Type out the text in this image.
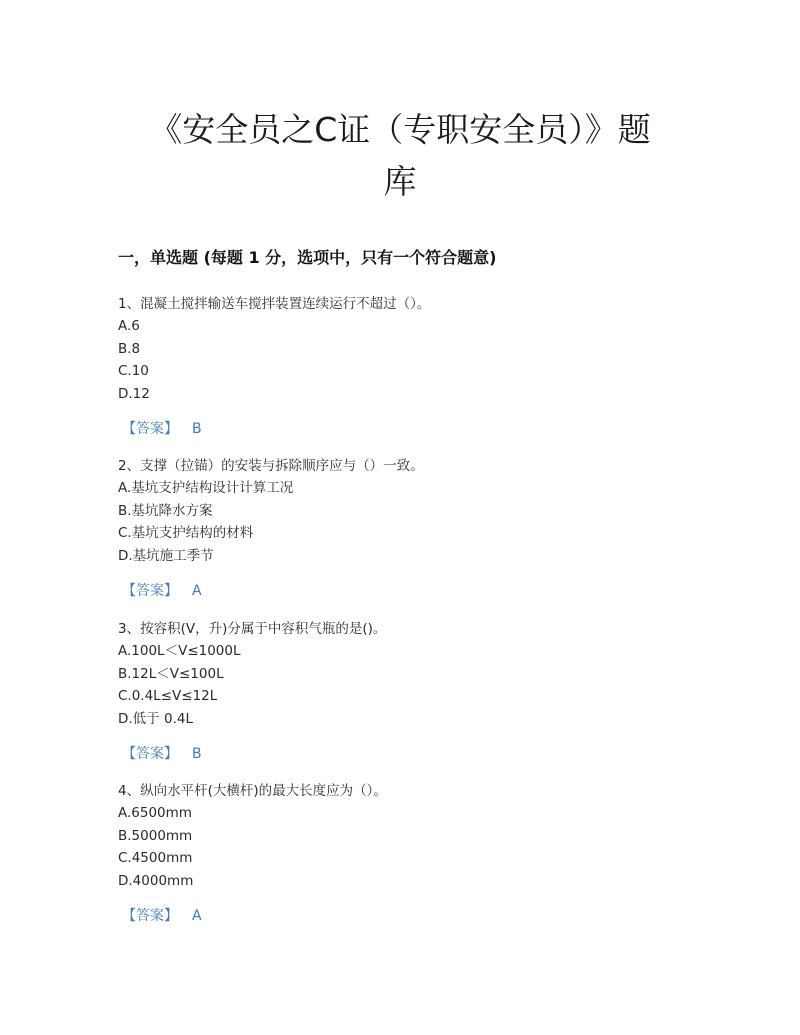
《安全员之C证（专职安全员）》题
库
一，单选题 (每题 1 分，选项中，只有一个符合题意)
1、混凝土搅拌输送车搅拌装置连续运行不超过（）。
A.6
B.8
C.10
D.12
【答案】 B
2、支撑（拉锚）的安装与拆除顺序应与（）一致。
A.基坑支护结构设计计算工况
B.基坑降水方案
C.基坑支护结构的材料
D.基坑施工季节
【答案】 A
3、按容积(V，升)分属于中容积气瓶的是()。
A.100L＜V≤1000L
B.12L＜V≤100L
C.0.4L≤V≤12L
D.低于 0.4L
【答案】 B
4、纵向水平杆(大横杆)的最大长度应为（）。
A.6500mm
B.5000mm
C.4500mm
D.4000mm
【答案】 A
